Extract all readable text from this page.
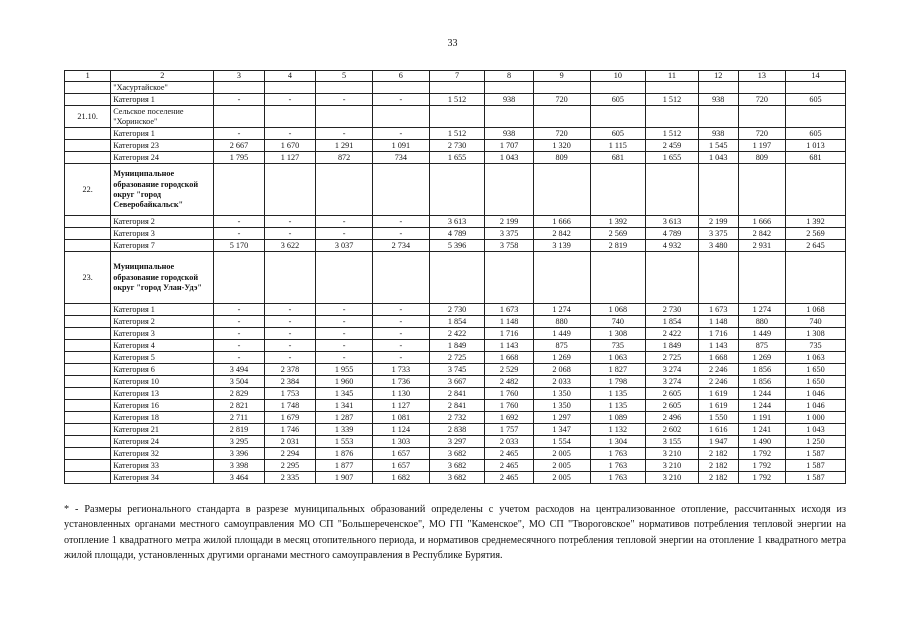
33
1	2	3	4	5	6	7	8	9	10	11	12	13	14
	"Хасуртайское"												
	Категория 1	-	-	-	-	1 512	938	720	605	1 512	938	720	605
21.10.	Сельское поселение "Хоринское"												
	Категория 1	-	-	-	-	1 512	938	720	605	1 512	938	720	605
	Категория 23	2 667	1 670	1 291	1 091	2 730	1 707	1 320	1 115	2 459	1 545	1 197	1 013
	Категория 24	1 795	1 127	872	734	1 655	1 043	809	681	1 655	1 043	809	681
22.	Муниципальное образование городской округ "город Северобайкальск"												
	Категория 2	-	-	-	-	3 613	2 199	1 666	1 392	3 613	2 199	1 666	1 392
	Категория 3	-	-	-	-	4 789	3 375	2 842	2 569	4 789	3 375	2 842	2 569
	Категория 7	5 170	3 622	3 037	2 734	5 396	3 758	3 139	2 819	4 932	3 480	2 931	2 645
23.	Муниципальное образование городской округ "город Улан-Удэ"												
	Категория 1	-	-	-	-	2 730	1 673	1 274	1 068	2 730	1 673	1 274	1 068
	Категория 2	-	-	-	-	1 854	1 148	880	740	1 854	1 148	880	740
	Категория 3	-	-	-	-	2 422	1 716	1 449	1 308	2 422	1 716	1 449	1 308
	Категория 4	-	-	-	-	1 849	1 143	875	735	1 849	1 143	875	735
	Категория 5	-	-	-	-	2 725	1 668	1 269	1 063	2 725	1 668	1 269	1 063
	Категория 6	3 494	2 378	1 955	1 733	3 745	2 529	2 068	1 827	3 274	2 246	1 856	1 650
	Категория 10	3 504	2 384	1 960	1 736	3 667	2 482	2 033	1 798	3 274	2 246	1 856	1 650
	Категория 13	2 829	1 753	1 345	1 130	2 841	1 760	1 350	1 135	2 605	1 619	1 244	1 046
	Категория 16	2 821	1 748	1 341	1 127	2 841	1 760	1 350	1 135	2 605	1 619	1 244	1 046
	Категория 18	2 711	1 679	1 287	1 081	2 732	1 692	1 297	1 089	2 496	1 550	1 191	1 000
	Категория 21	2 819	1 746	1 339	1 124	2 838	1 757	1 347	1 132	2 602	1 616	1 241	1 043
	Категория 24	3 295	2 031	1 553	1 303	3 297	2 033	1 554	1 304	3 155	1 947	1 490	1 250
	Категория 32	3 396	2 294	1 876	1 657	3 682	2 465	2 005	1 763	3 210	2 182	1 792	1 587
	Категория 33	3 398	2 295	1 877	1 657	3 682	2 465	2 005	1 763	3 210	2 182	1 792	1 587
	Категория 34	3 464	2 335	1 907	1 682	3 682	2 465	2 005	1 763	3 210	2 182	1 792	1 587
* - Размеры регионального стандарта в разрезе муниципальных образований определены с учетом расходов на централизованное отопление, рассчитанных исходя из установленных органами местного самоуправления МО СП "Большереченское", МО ГП "Каменское", МО СП "Твороговское" нормативов потребления тепловой энергии на отопление 1 квадратного метра жилой площади в месяц отопительного периода, и нормативов среднемесячного потребления тепловой энергии на отопление 1 квадратного метра жилой площади, установленных другими органами местного самоуправления в Республике Бурятия.
